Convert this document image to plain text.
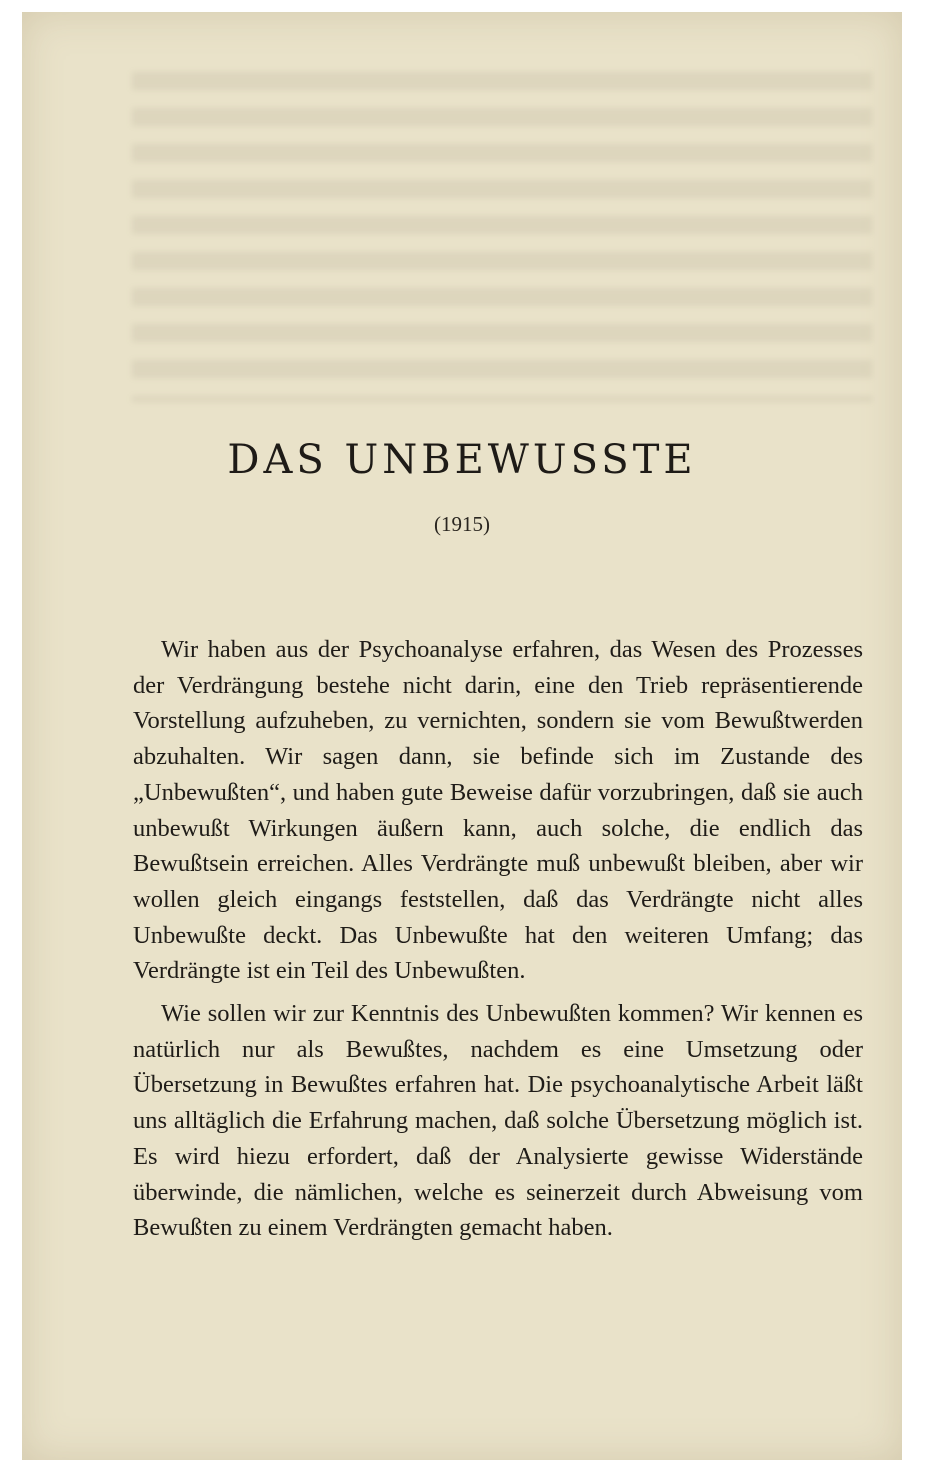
DAS UNBEWUSSTE
(1915)

Wir haben aus der Psychoanalyse erfahren, das Wesen des Prozesses der Verdrängung bestehe nicht darin, eine den Trieb repräsentierende Vorstellung aufzuheben, zu vernichten, sondern sie vom Bewußtwerden abzuhalten. Wir sagen dann, sie befinde sich im Zustande des „Unbewußten“, und haben gute Beweise dafür vorzubringen, daß sie auch unbewußt Wirkungen äußern kann, auch solche, die endlich das Bewußtsein erreichen. Alles Verdrängte muß unbewußt bleiben, aber wir wollen gleich eingangs feststellen, daß das Verdrängte nicht alles Unbewußte deckt. Das Unbewußte hat den weiteren Umfang; das Verdrängte ist ein Teil des Unbewußten.

Wie sollen wir zur Kenntnis des Unbewußten kommen? Wir kennen es natürlich nur als Bewußtes, nachdem es eine Umsetzung oder Übersetzung in Bewußtes erfahren hat. Die psychoanalytische Arbeit läßt uns alltäglich die Erfahrung machen, daß solche Übersetzung möglich ist. Es wird hiezu erfordert, daß der Analysierte gewisse Widerstände überwinde, die nämlichen, welche es seinerzeit durch Abweisung vom Bewußten zu einem Verdrängten gemacht haben.
